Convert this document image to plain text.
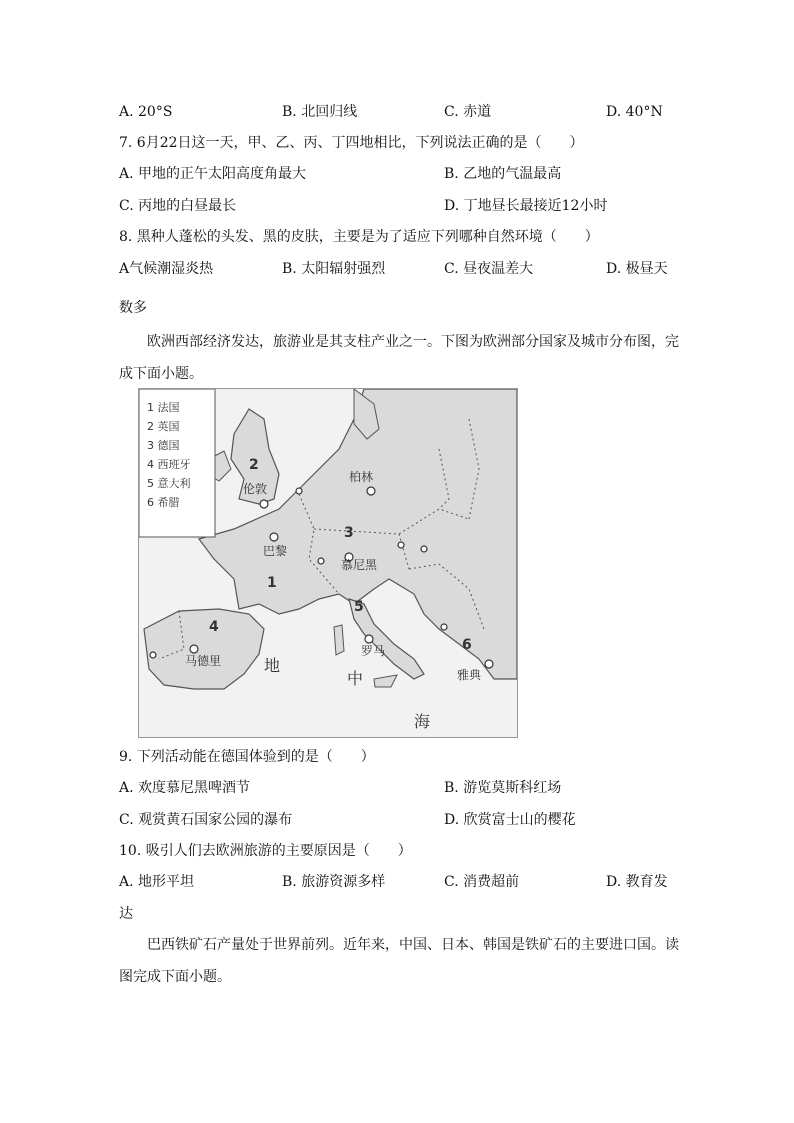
A. 20°S	B. 北回归线	C. 赤道	D. 40°N
7. 6月22日这一天，甲、乙、丙、丁四地相比，下列说法正确的是（　　）
A. 甲地的正午太阳高度角最大	B. 乙地的气温最高
C. 丙地的白昼最长	D. 丁地昼长最接近12小时
8. 黑种人蓬松的头发、黑的皮肤，主要是为了适应下列哪种自然环境（　　）
A气候潮湿炎热	B. 太阳辐射强烈	C. 昼夜温差大	D. 极昼天
数多
欧洲西部经济发达，旅游业是其支柱产业之一。下图为欧洲部分国家及城市分布图，完
成下面小题。
1 法国
2 英国
3 德国
4 西班牙
5 意大利
6 希腊
1
2
3
4
5
6
伦敦
柏林
巴黎
慕尼黑
马德里
罗马
雅典
地
中
海
9. 下列活动能在德国体验到的是（　　）
A. 欢度慕尼黑啤酒节	B. 游览莫斯科红场
C. 观赏黄石国家公园的瀑布	D. 欣赏富士山的樱花
10. 吸引人们去欧洲旅游的主要原因是（　　）
A. 地形平坦	B. 旅游资源多样	C. 消费超前	D. 教育发
达
巴西铁矿石产量处于世界前列。近年来，中国、日本、韩国是铁矿石的主要进口国。读
图完成下面小题。
